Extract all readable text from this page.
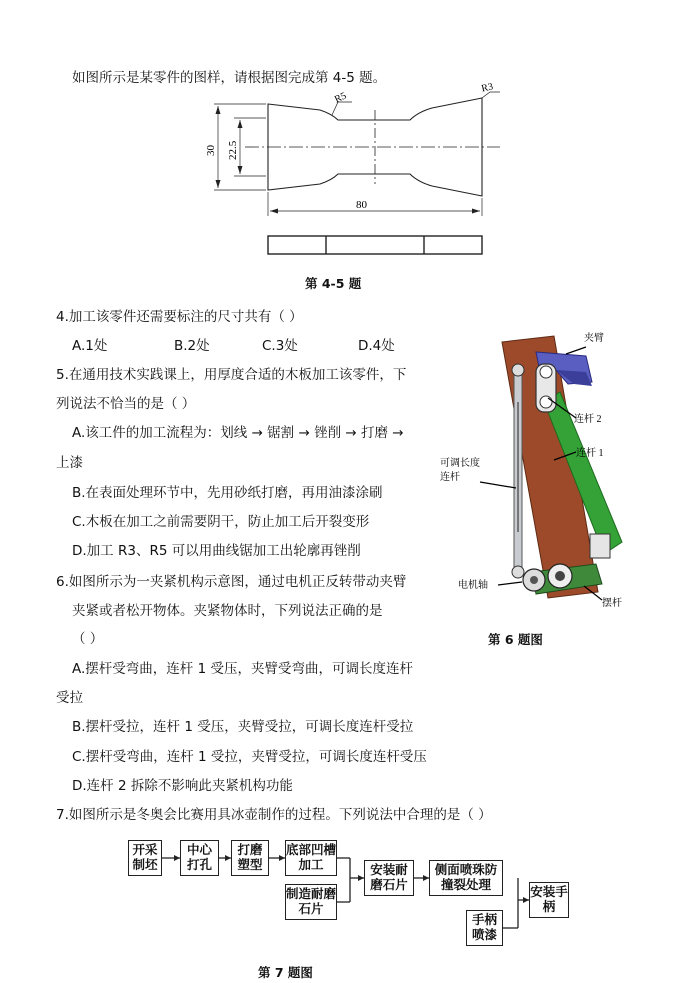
如图所示是某零件的图样，请根据图完成第 4-5 题。
R5
R3
30 22.5
80
第 4-5 题
4.加工该零件还需要标注的尺寸共有（ ）
A.1处	B.2处	C.3处	D.4处
5.在通用技术实践课上，用厚度合适的木板加工该零件，下
列说法不恰当的是（ ）
A.该工件的加工流程为：划线 → 锯割 → 锉削 → 打磨 →
上漆
B.在表面处理环节中，先用砂纸打磨，再用油漆涂刷
C.木板在加工之前需要阴干，防止加工后开裂变形
D.加工 R3、R5 可以用曲线锯加工出轮廓再锉削
夹臂
连杆 2
连杆 1
可调长度
连杆
电机轴
摆杆
第 6 题图
6.如图所示为一夹紧机构示意图，通过电机正反转带动夹臂
夹紧或者松开物体。夹紧物体时，下列说法正确的是
（ ）
A.摆杆受弯曲，连杆 1 受压，夹臂受弯曲，可调长度连杆
受拉
B.摆杆受拉，连杆 1 受压，夹臂受拉，可调长度连杆受拉
C.摆杆受弯曲，连杆 1 受拉，夹臂受拉，可调长度连杆受压
D.连杆 2 拆除不影响此夹紧机构功能
7.如图所示是冬奥会比赛用具冰壶制作的过程。下列说法中合理的是（ ）
开采制坯
中心打孔
打磨塑型
底部凹槽加工
制造耐磨石片
安装耐磨石片
侧面喷珠防撞裂处理
手柄喷漆
安装手柄
第 7 题图
